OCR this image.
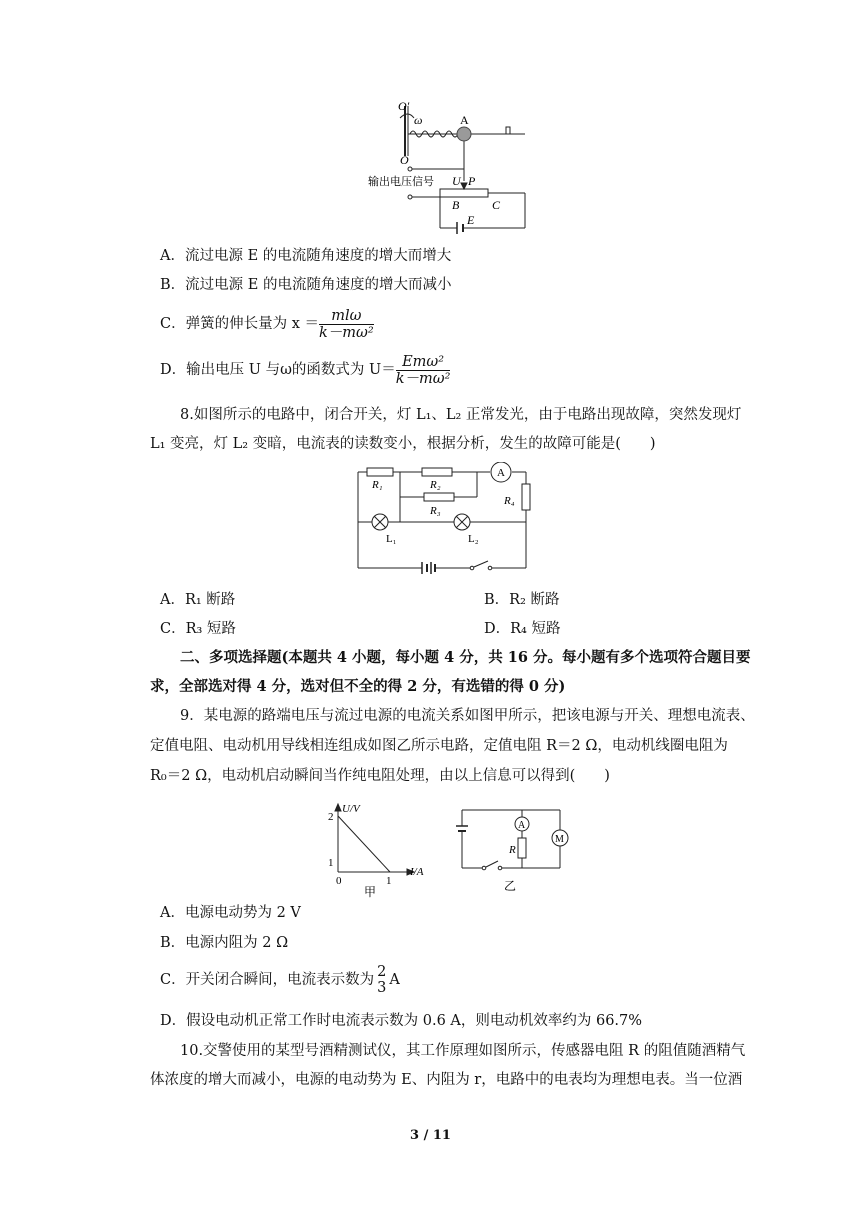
O′
ω	A
O
输出电压信号 U P
B	C
E
A．流过电源 E 的电流随角速度的增大而增大
B．流过电源 E 的电流随角速度的增大而减小
C．弹簧的伸长量为 $x = \frac{\text{mlω}}{\text{k－mω²}}$
D．输出电压 U 与ω的函数式为 $U= \frac{\text{Emω²}}{\text{k－mω²}}$
8.如图所示的电路中，闭合开关，灯 L₁、L₂ 正常发光，由于电路出现故障，突然发现灯
L₁ 变亮，灯 L₂ 变暗，电流表的读数变小，根据分析，发生的故障可能是(　　)
A
R₁	R₂
R₃
R₄
L₁	L₂
A．R₁ 断路	B．R₂ 断路
C．R₃ 短路	D．R₄ 短路
二、多项选择题(本题共 4 小题，每小题 4 分，共 16 分。每小题有多个选项符合题目要
求，全部选对得 4 分，选对但不全的得 2 分，有选错的得 0 分)
9．某电源的路端电压与流过电源的电流关系如图甲所示，把该电源与开关、理想电流表、
定值电阻、电动机用导线相连组成如图乙所示电路，定值电阻 R＝2 Ω，电动机线圈电阻为
R₀＝2 Ω，电动机启动瞬间当作纯电阻处理，由以上信息可以得到(　　)
U/V
2
1
0	1
I/A
甲
A
M
R
乙
A．电源电动势为 2 V
B．电源内阻为 2 Ω
C．开关闭合瞬间，电流表示数为 2
3 A
D．假设电动机正常工作时电流表示数为 0.6 A，则电动机效率约为 66.7%
10.交警使用的某型号酒精测试仪，其工作原理如图所示，传感器电阻 R 的阻值随酒精气
体浓度的增大而减小，电源的电动势为 E、内阻为 r，电路中的电表均为理想电表。当一位酒
3 / 11
